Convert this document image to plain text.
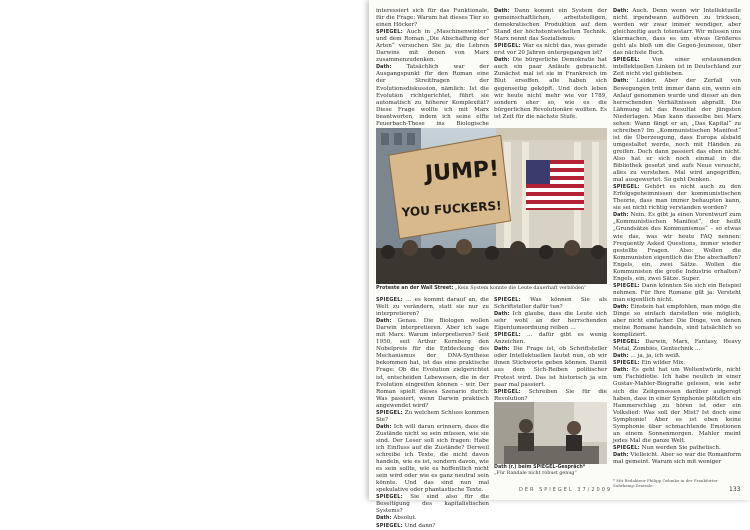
interessiert sich für das Funktionale, für die Frage: Warum hat dieses Tier so einen Höcker?

SPIEGEL: Auch in „Maschinenwinter“ und dem Roman „Die Abschaffung der Arten“ versuchen Sie ja, die Lehren Darwins mit denen von Marx zusammenzudenken.

Dath:	Tatsächlich war der Ausgangspunkt für den Roman eine der Streitfragen der Evolutionsdiskussion, nämlich: Ist die Evolution richtgerichtet, führt sie automatisch zu höherer Komplexität? Diese Frage wollte ich mit Marx beantworten, indem ich seine elfte Feuerbach-These ins Biologische

Dath: Dann kommt ein System der gemeinschaftlichen, arbeitsteiligen, demokratischen Produktion auf dem Stand der höchstentwickelten Technik. Marx nennt das Sozialismus.

SPIEGEL: War es nicht das, was gerade erst vor 20 Jahren untergegangen ist?

Dath: Die bürgerliche Demokratie hat auch ein paar Anläufe gebraucht. Zunächst mal ist sie in Frankreich im Blut ersoffen, alle haben sich gegenseitig geköpft. Und doch leben wir heute nicht mehr wie vor 1789, sondern eher so, wie es die bürgerlichen Revolutionäre wollten. Es ist Zeit für die nächste Stufe.

Dath: Auch. Denn wenn wir Intellektuelle nicht irgendwann aufhören zu tricksen, werden wir zwar immer wendiger, aber gleichzeitig auch totenstarr. Wir müssen uns klarmachen, dass es um etwas Größeres geht als bloß um die Gegen-Jeunesse, über das nächste Buch.

SPIEGEL: Von einer erstaunenden intellektuellen Linken ist in Deutschland zur Zeit nicht viel geblieben.

Dath: Leider. Aber der Zerfall von Bewegungen tritt immer dann ein, wenn ein Anlauf genommen wurde und dieser an den herrschenden Verhältnissen abprallt. Die Lähmung ist das Resultat der jüngsten Niederlagen. Man kann dasselbe bei Marx sehen: Wann fängt er an, „Das Kapital“ zu schreiben? Im „Kommunistischen Manifest“ ist die Überzeugung, dass Europa alsbald umgestaltet werde, noch mit Händen zu greifen. Doch dann passiert das eben nicht. Also hat er sich noch einmal in die Bibliothek gesetzt und aufs Neue versucht, alles zu verstehen. Mal wird angegriffen, mal ausgewertet. So geht Denken.

SPIEGEL: Gehört es nicht auch zu den Erfolgsgeheimnissen der kommunistischen Theorie, dass man immer behaupten kann, sie sei nicht richtig verstanden worden?

Dath: Nein. Es gibt ja einen Vorentwurf zum „Kommunistischen Manifest“, der heißt „Grundsätze des Kommunismus“ – so etwas wie das, was wir heute FAQ nennen: Frequently Asked Questions, immer wieder gestellte Fragen. Also: Wollen die Kommunisten eigentlich die Ehe abschaffen? Engels, ein, zwei Sätze. Wollen die Kommunisten die große Industrie erhalten? Engels, ein, zwei Sätze. Super.

SPIEGEL: Dann könnten Sie sich ein Beispiel nehmen. Für Ihre Romane gilt ja: Versteht man eigentlich nicht.

Dath: Einstein hat empfohlen, man möge die Dinge so einfach darstellen wie möglich, aber nicht einfacher. Die Dinge, von denen meine Romane handeln, sind tatsächlich so kompliziert.

SPIEGEL: Darwin, Marx, Fantasy, Heavy Metal, Zombies, Gentechnik …

Dath: … ja, ja, ich weiß.

SPIEGEL: Ein wilder Mix.

Dath: Es geht hat um Weltentwürfe, nicht um Fachidiotie. Ich habe neulich in einer Gustav-Mahler-Biografie gelesen, wie sehr sich die Zeitgenossen darüber aufgeregt haben, dass in einer Symphonie plötzlich ein Hammerschlag zu hören ist oder ein Volkslied: Was soll der Mist? Ist doch eine Symphonie! Aber es ist eben keine Symphonie über schmachtende Emotionen an einem Sonnenmorgen. Mahler meint jedes Mal die ganze Welt.

SPIEGEL: Nun werden Sie pathetisch.

Dath: Vielleicht. Aber so war die Romanform mal gemeint. Warum sich mit weniger

JUMP!
YOU FUCKERS!
Proteste an der Wall Street: „Kein System konnte die Leute dauerhaft verblöden“

SPIEGEL: … es kommt darauf an, die Welt zu verändern, statt sie nur zu interpretieren?

Dath: Genau. Die Biologen wollen Darwin interpretieren. Aber ich sage mit Marx: Warum interpretieren? Seit 1950, seit Arthur Kornberg den Nobelpreis für die Entdeckung des Mechanismus der DNA-Synthese bekommen hat, ist das eine praktische Frage: Ob die Evolution zielgerichtet ist, entscheiden Lebewesen, die in der Evolution eingreifen können – wir. Der Roman spielt dieses Szenario durch: Was passiert, wenn Darwin praktisch angewendet wird?

SPIEGEL: Zu welchem Schluss kommen Sie?

Dath: Ich will daran erinnern, dass die Zustände nicht so sein müssen, wie sie sind. Der Leser soll sich fragen: Habe ich Einfluss auf die Zustände? Derweil schreibe ich Texte, die nicht davon handeln, wie es ist, sondern davon, wie es sein sollte, wie es hoffentlich nicht sein wird oder wie es ganz neutral sein könnte. Und das sind nun mal spekulative oder phantastische Texte.

SPIEGEL: Sie sind also für die Beseitigung des kapitalistischen Systems?

Dath: Absolut.

SPIEGEL: Und dann?

SPIEGEL: Was können Sie als Schriftsteller dafür tun?

Dath: Ich glaube, dass die Leute sich sehr wohl an der herrschenden Eigentumsordnung reiben …

SPIEGEL: … dafür gibt es wenig Anzeichen.

Dath: Die Frage ist, ob Schriftsteller oder Intellektuellen lautet nun, ob wir ihnen Stichworte geben können. Damit aus dem Sich-Reiben politischer Protest wird. Das ist historisch ja ein paar mal passiert.

SPIEGEL: Schreiben Sie für die Revolution?

Dath (r.) beim SPIEGEL-Gespräch*
„Für Randale nicht robust genug“
* Mit Redakteur Philipp Oehmke in der Frankfurter Suhrkamp-Zentrale.
DER SPIEGEL 37/2009	133
